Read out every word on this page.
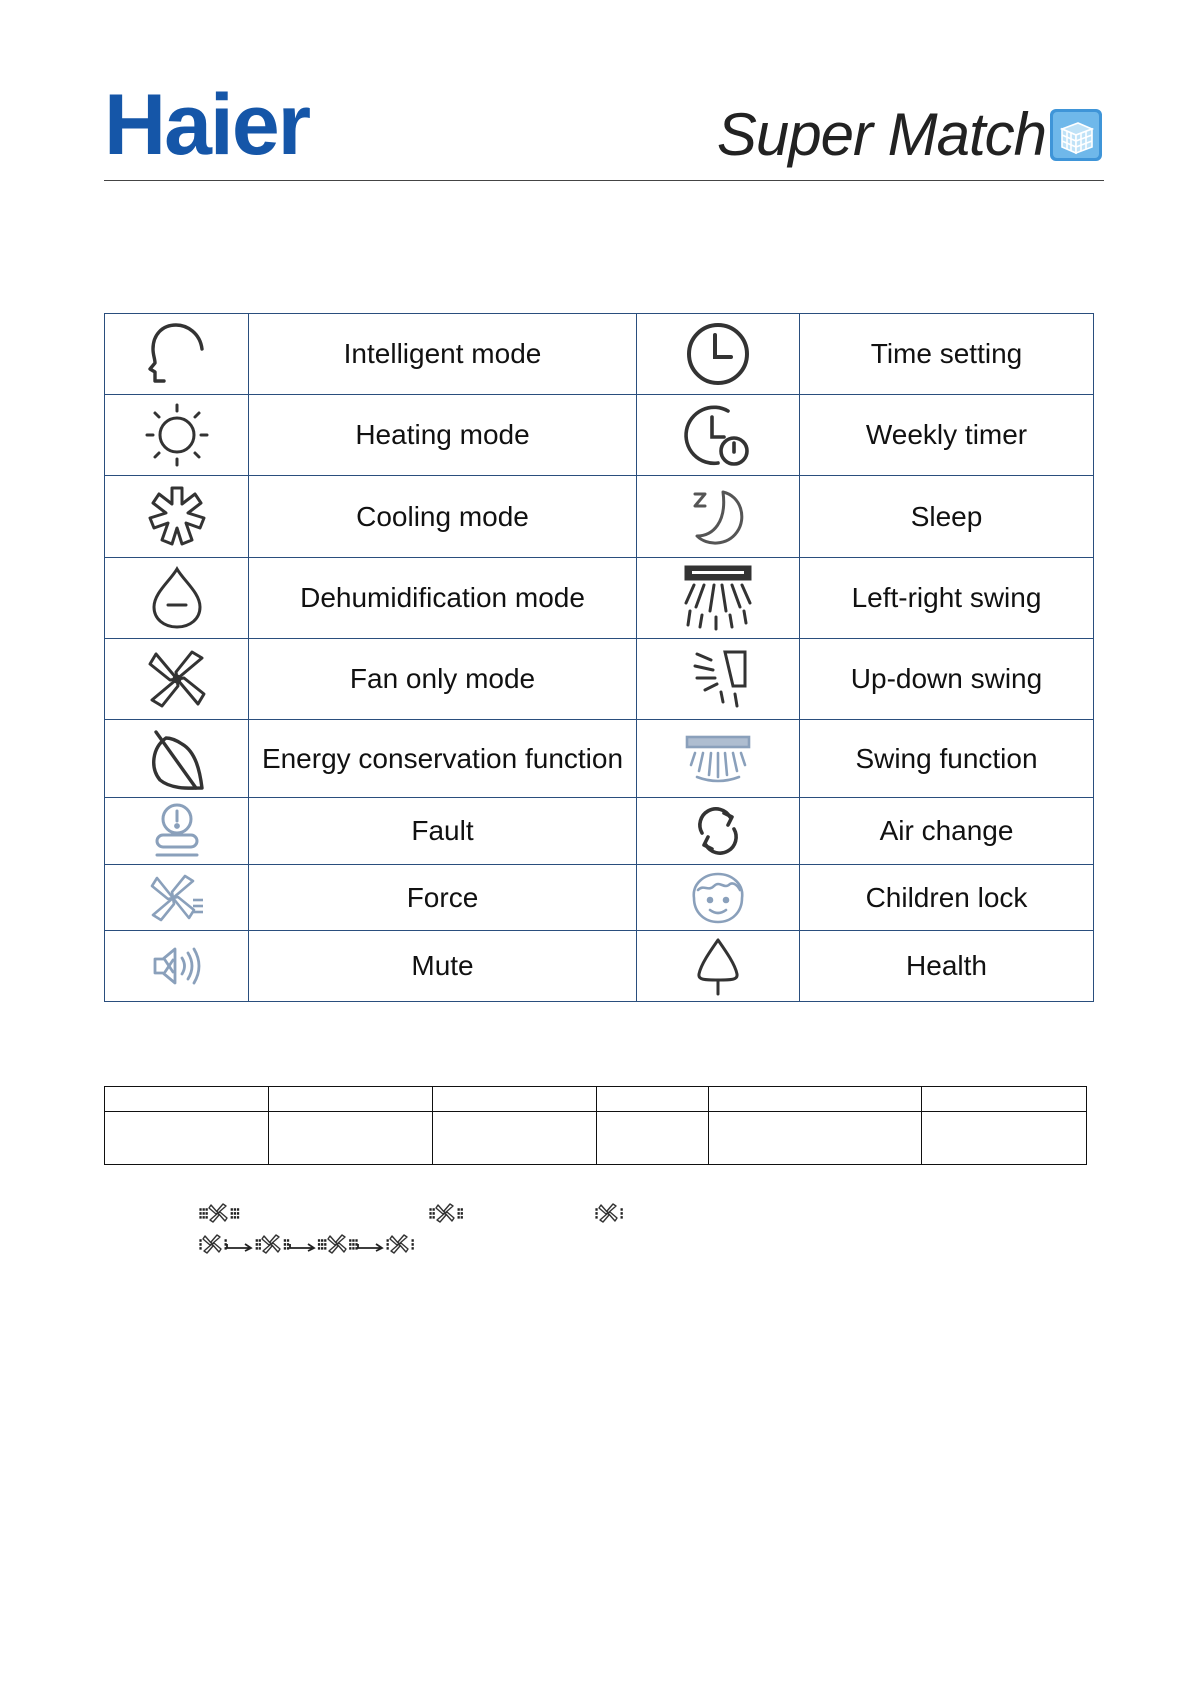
Haier	Super Match
	Intelligent mode		Time setting

	Heating mode		Weekly timer

	Cooling mode		Sleep

	Dehumidification mode		Left-right swing

	Fan only mode		Up-down swing

	Energy conservation function		Swing function

	Fault		Air change

	Force		Children lock

	Mute		Health

⁝⁝⁝ ⁝⁝⁝	⁝⁝ ⁝⁝	⁝ ⁝
⁝ ⁝ ⁝⁝ ⁝⁝ ⁝⁝⁝ ⁝⁝⁝ ⁝ ⁝
